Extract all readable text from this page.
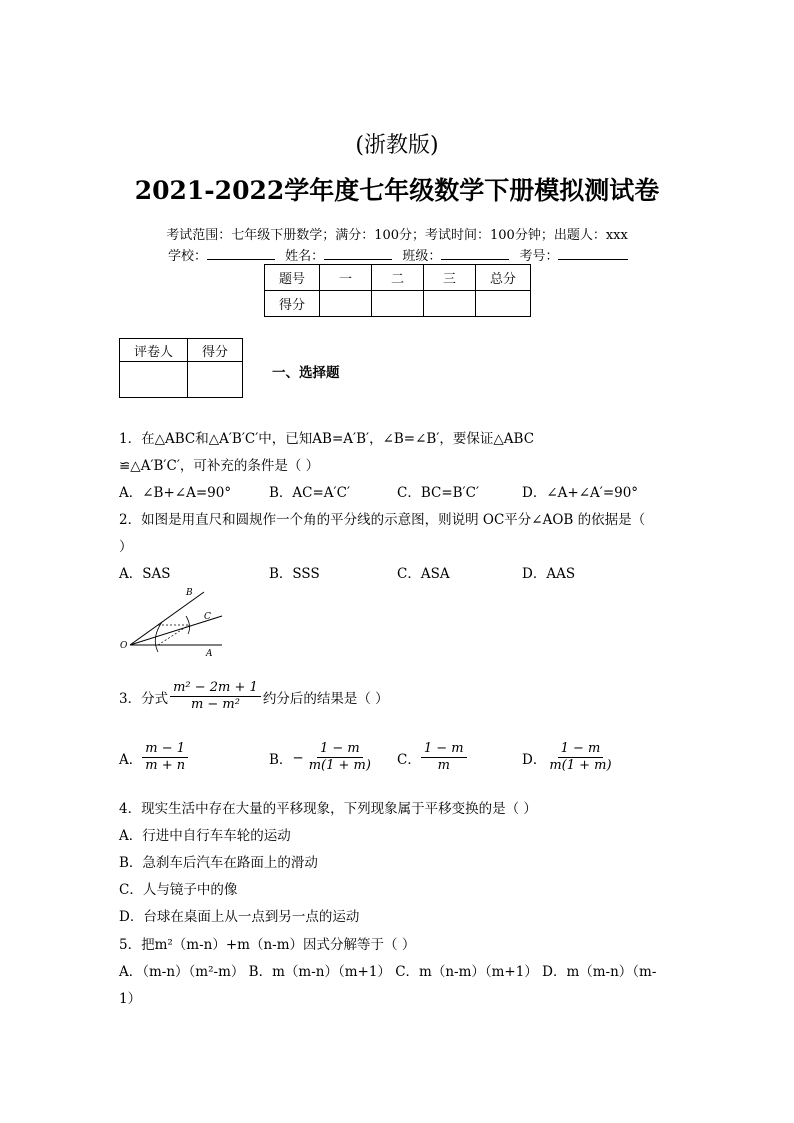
(浙教版)
2021-2022学年度七年级数学下册模拟测试卷
考试范围：七年级下册数学；满分：100分；考试时间：100分钟；出题人：xxx
学校：	姓名：	班级：	考号：
题号	一	二	三	总分
得分				
评卷人	得分

一、选择题
1．在△ABC和△A′B′C′中，已知AB=A′B′，∠B=∠B′，要保证△ABC
≌△A′B′C′，可补充的条件是（ ）
A．∠B+∠A=90°	B．AC=A′C′	C．BC=B′C′	D．∠A+∠A′=90°
2．如图是用直尺和圆规作一个角的平分线的示意图，则说明 OC平分∠AOB 的依据是（
）
A．SAS	B．SSS	C．ASA	D．AAS
O
A
B
C
3．分式 $\frac{\text{m² − 2m + 1}}{\text{m − m²}}$ 约分后的结果是（ ）
A． $\frac{m - 1}{m + n}$	B． − $\frac{1 - m}{m(1 + m)}$ C． $\frac{1 - m}{m}$	D． $\frac{1 - m}{m(1 + m)}$
4．现实生活中存在大量的平移现象，下列现象属于平移变换的是（ ）
A．行进中自行车车轮的运动
B．急刹车后汽车在路面上的滑动
C．人与镜子中的像
D．台球在桌面上从一点到另一点的运动
5．把m²（m-n）+m（n-m）因式分解等于（ ）
A．（m-n）（m²-m） B．m（m-n）（m+1） C．m（n-m）（m+1） D．m（m-n）（m-
1）
